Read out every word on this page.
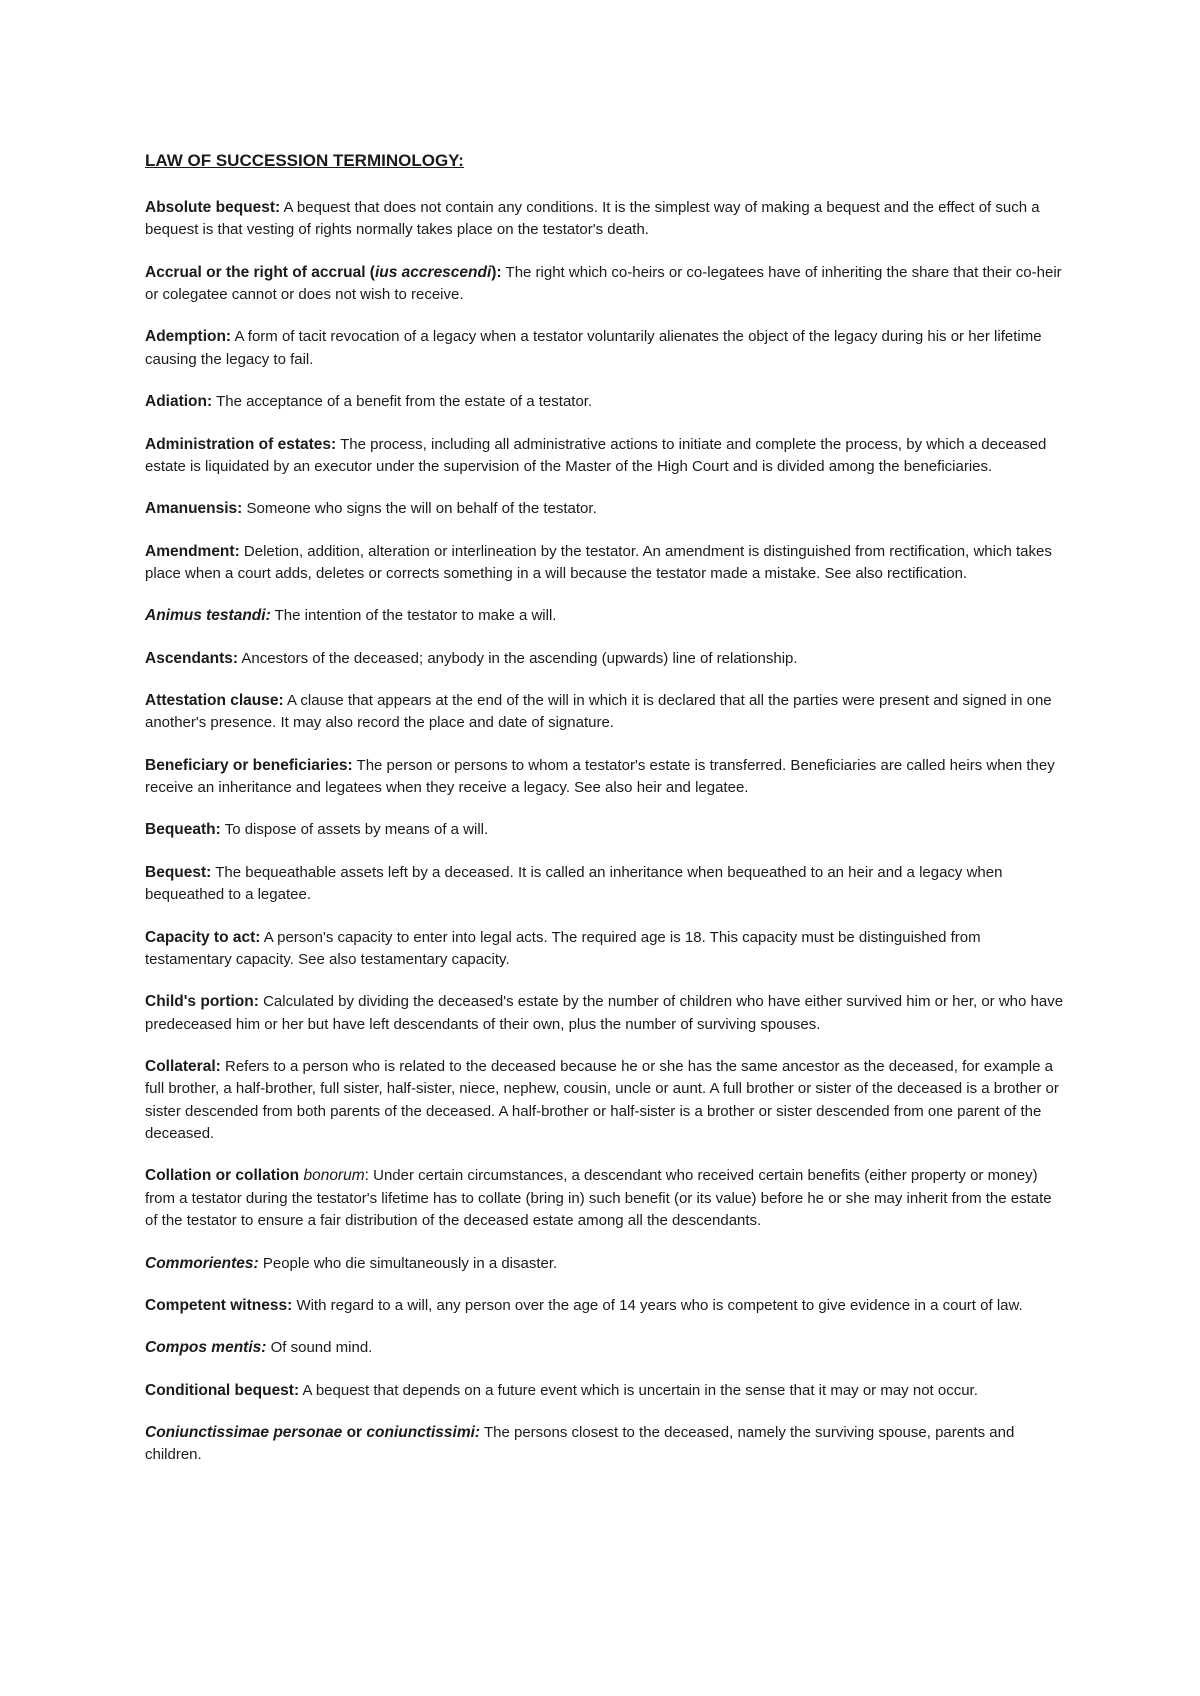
LAW OF SUCCESSION TERMINOLOGY:

Absolute bequest: A bequest that does not contain any conditions. It is the simplest way of making a bequest and the effect of such a bequest is that vesting of rights normally takes place on the testator's death.

Accrual or the right of accrual (ius accrescendi): The right which co-heirs or co-legatees have of inheriting the share that their co-heir or colegatee cannot or does not wish to receive.

Ademption: A form of tacit revocation of a legacy when a testator voluntarily alienates the object of the legacy during his or her lifetime causing the legacy to fail.

Adiation: The acceptance of a benefit from the estate of a testator.

Administration of estates: The process, including all administrative actions to initiate and complete the process, by which a deceased estate is liquidated by an executor under the supervision of the Master of the High Court and is divided among the beneficiaries.

Amanuensis: Someone who signs the will on behalf of the testator.

Amendment: Deletion, addition, alteration or interlineation by the testator. An amendment is distinguished from rectification, which takes place when a court adds, deletes or corrects something in a will because the testator made a mistake. See also rectification.

Animus testandi: The intention of the testator to make a will.

Ascendants: Ancestors of the deceased; anybody in the ascending (upwards) line of relationship.

Attestation clause: A clause that appears at the end of the will in which it is declared that all the parties were present and signed in one another's presence. It may also record the place and date of signature.

Beneficiary or beneficiaries: The person or persons to whom a testator's estate is transferred. Beneficiaries are called heirs when they receive an inheritance and legatees when they receive a legacy. See also heir and legatee.

Bequeath: To dispose of assets by means of a will.

Bequest: The bequeathable assets left by a deceased. It is called an inheritance when bequeathed to an heir and a legacy when bequeathed to a legatee.

Capacity to act: A person's capacity to enter into legal acts. The required age is 18. This capacity must be distinguished from testamentary capacity. See also testamentary capacity.

Child's portion: Calculated by dividing the deceased's estate by the number of children who have either survived him or her, or who have predeceased him or her but have left descendants of their own, plus the number of surviving spouses.

Collateral: Refers to a person who is related to the deceased because he or she has the same ancestor as the deceased, for example a full brother, a half-brother, full sister, half-sister, niece, nephew, cousin, uncle or aunt. A full brother or sister of the deceased is a brother or sister descended from both parents of the deceased. A half-brother or half-sister is a brother or sister descended from one parent of the deceased.

Collation or collation bonorum: Under certain circumstances, a descendant who received certain benefits (either property or money) from a testator during the testator's lifetime has to collate (bring in) such benefit (or its value) before he or she may inherit from the estate of the testator to ensure a fair distribution of the deceased estate among all the descendants.

Commorientes: People who die simultaneously in a disaster.

Competent witness: With regard to a will, any person over the age of 14 years who is competent to give evidence in a court of law.

Compos mentis: Of sound mind.

Conditional bequest: A bequest that depends on a future event which is uncertain in the sense that it may or may not occur.

Coniunctissimae personae or coniunctissimi: The persons closest to the deceased, namely the surviving spouse, parents and children.
